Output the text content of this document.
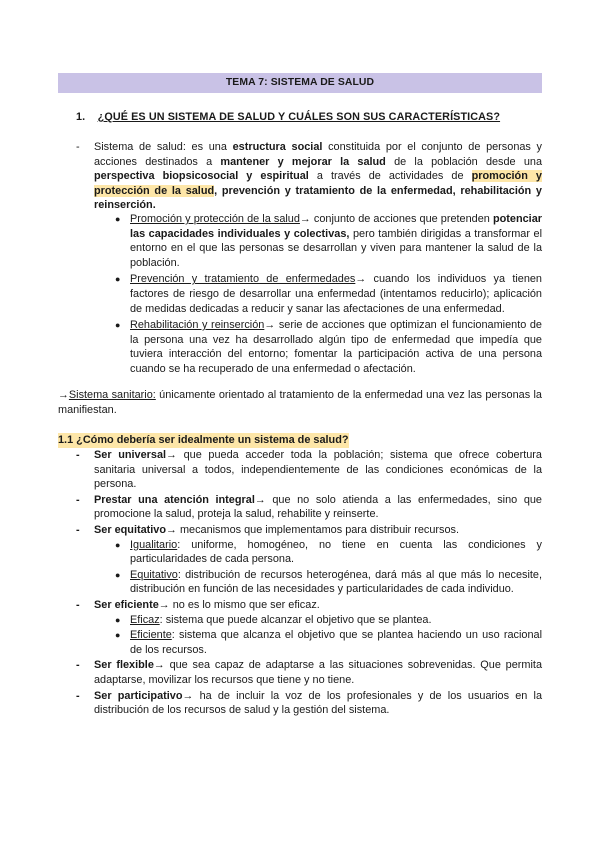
TEMA 7: SISTEMA DE SALUD
1. ¿QUÉ ES UN SISTEMA DE SALUD Y CUÁLES SON SUS CARACTERÍSTICAS?
- Sistema de salud: es una estructura social constituida por el conjunto de personas y acciones destinados a mantener y mejorar la salud de la población desde una perspectiva biopsicosocial y espiritual a través de actividades de promoción y protección de la salud, prevención y tratamiento de la enfermedad, rehabilitación y reinserción.
● Promoción y protección de la salud→ conjunto de acciones que pretenden potenciar las capacidades individuales y colectivas, pero también dirigidas a transformar el entorno en el que las personas se desarrollan y viven para mantener la salud de la población.
● Prevención y tratamiento de enfermedades→ cuando los individuos ya tienen factores de riesgo de desarrollar una enfermedad (intentamos reducirlo); aplicación de medidas dedicadas a reducir y sanar las afectaciones de una enfermedad.
● Rehabilitación y reinserción→ serie de acciones que optimizan el funcionamiento de la persona una vez ha desarrollado algún tipo de enfermedad que impedía que tuviera interacción del entorno; fomentar la participación activa de una persona cuando se ha recuperado de una enfermedad o afectación.
→Sistema sanitario: únicamente orientado al tratamiento de la enfermedad una vez las personas la manifiestan.
1.1 ¿Cómo debería ser idealmente un sistema de salud?
- Ser universal→ que pueda acceder toda la población; sistema que ofrece cobertura sanitaria universal a todos, independientemente de las condiciones económicas de la persona.
- Prestar una atención integral→ que no solo atienda a las enfermedades, sino que promocione la salud, proteja la salud, rehabilite y reinserte.
- Ser equitativo→ mecanismos que implementamos para distribuir recursos.
● Igualitario: uniforme, homogéneo, no tiene en cuenta las condiciones y particularidades de cada persona.
● Equitativo: distribución de recursos heterogénea, dará más al que más lo necesite, distribución en función de las necesidades y particularidades de cada individuo.
- Ser eficiente→ no es lo mismo que ser eficaz.
● Eficaz: sistema que puede alcanzar el objetivo que se plantea.
● Eficiente: sistema que alcanza el objetivo que se plantea haciendo un uso racional de los recursos.
- Ser flexible→ que sea capaz de adaptarse a las situaciones sobrevenidas. Que permita adaptarse, movilizar los recursos que tiene y no tiene.
- Ser participativo→ ha de incluir la voz de los profesionales y de los usuarios en la distribución de los recursos de salud y la gestión del sistema.
